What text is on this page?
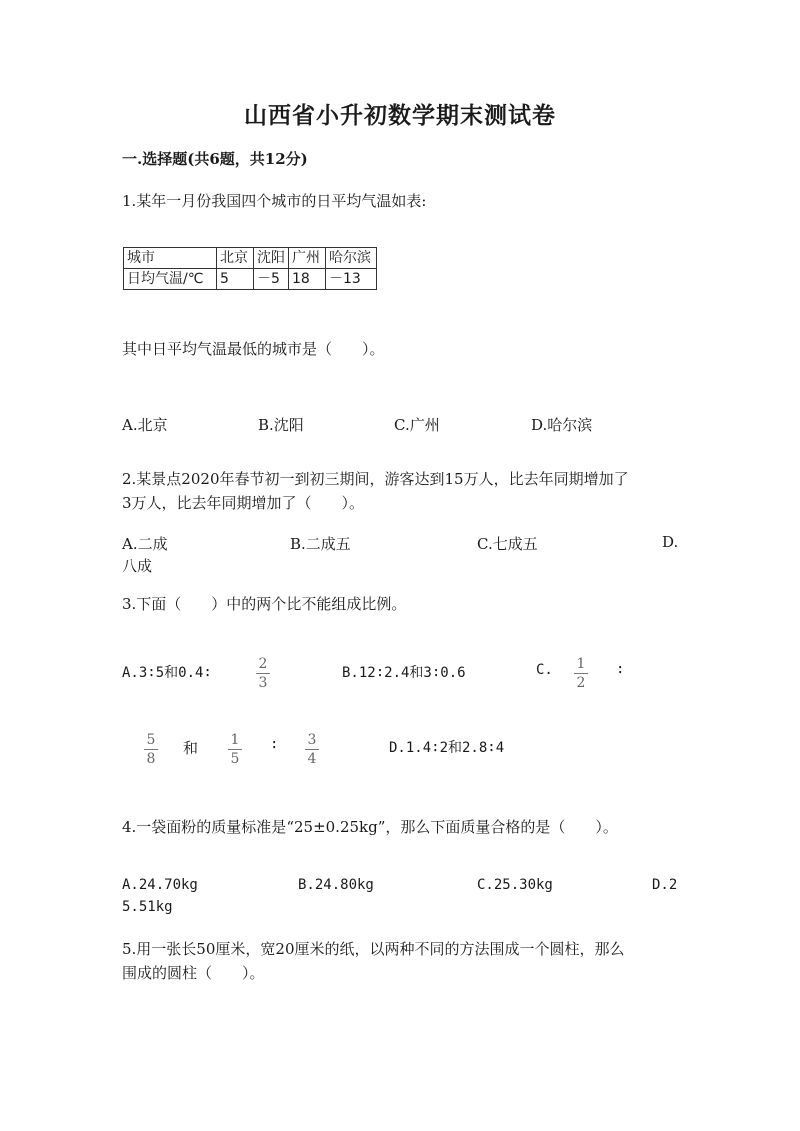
山西省小升初数学期末测试卷
一.选择题(共6题，共12分)
1.某年一月份我国四个城市的日平均气温如表:
城市	北京	沈阳	广州	哈尔滨
日均气温/℃	5	－5	18	－13
其中日平均气温最低的城市是（　　）。
A.北京	B.沈阳	C.广州	D.哈尔滨
2.某景点2020年春节初一到初三期间，游客达到15万人，比去年同期增加了
3万人，比去年同期增加了（　　）。
A.二成	B.二成五	C.七成五	D.
八成
3.下面（　　）中的两个比不能组成比例。
A.3∶5和0.4∶
2
3
B.12∶2.4和3∶0.6	C.	1
2
∶
5
8
和	1
5
∶	3
4
D.1.4∶2和2.8∶4
4.一袋面粉的质量标准是“25±0.25kg”，那么下面质量合格的是（　　）。
A.24.70kg	B.24.80kg	C.25.30kg	D.2
5.51kg
5.用一张长50厘米，宽20厘米的纸，以两种不同的方法围成一个圆柱，那么
围成的圆柱（　　）。
